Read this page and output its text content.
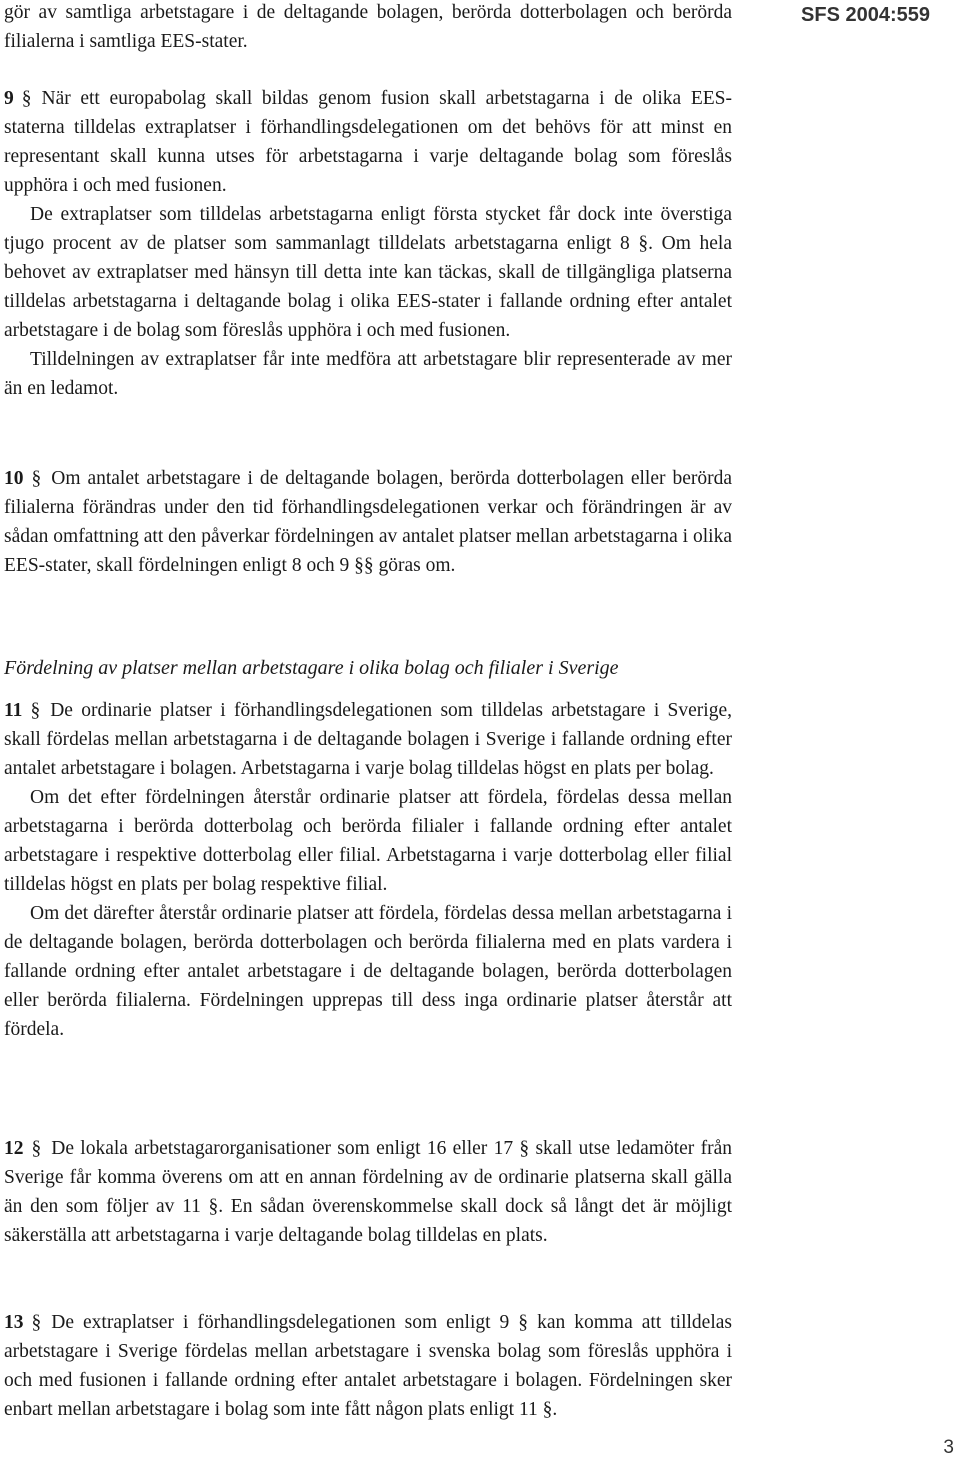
gör av samtliga arbetstagare i de deltagande bolagen, berörda dotterbolagen och berörda filialerna i samtliga EES-stater.

SFS 2004:559

9 § När ett europabolag skall bildas genom fusion skall arbetstagarna i de olika EES-staterna tilldelas extraplatser i förhandlingsdelegationen om det behövs för att minst en representant skall kunna utses för arbetstagarna i varje deltagande bolag som föreslås upphöra i och med fusionen.

De extraplatser som tilldelas arbetstagarna enligt första stycket får dock inte överstiga tjugo procent av de platser som sammanlagt tilldelats arbetstagarna enligt 8 §. Om hela behovet av extraplatser med hänsyn till detta inte kan täckas, skall de tillgängliga platserna tilldelas arbetstagarna i deltagande bolag i olika EES-stater i fallande ordning efter antalet arbetstagare i de bolag som föreslås upphöra i och med fusionen.

Tilldelningen av extraplatser får inte medföra att arbetstagare blir representerade av mer än en ledamot.

10 § Om antalet arbetstagare i de deltagande bolagen, berörda dotterbolagen eller berörda filialerna förändras under den tid förhandlingsdelegationen verkar och förändringen är av sådan omfattning att den påverkar fördelningen av antalet platser mellan arbetstagarna i olika EES-stater, skall fördelningen enligt 8 och 9 §§ göras om.

Fördelning av platser mellan arbetstagare i olika bolag och filialer i Sverige

11 § De ordinarie platser i förhandlingsdelegationen som tilldelas arbetstagare i Sverige, skall fördelas mellan arbetstagarna i de deltagande bolagen i Sverige i fallande ordning efter antalet arbetstagare i bolagen. Arbetstagarna i varje bolag tilldelas högst en plats per bolag.

Om det efter fördelningen återstår ordinarie platser att fördela, fördelas dessa mellan arbetstagarna i berörda dotterbolag och berörda filialer i fallande ordning efter antalet arbetstagare i respektive dotterbolag eller filial. Arbetstagarna i varje dotterbolag eller filial tilldelas högst en plats per bolag respektive filial.

Om det därefter återstår ordinarie platser att fördela, fördelas dessa mellan arbetstagarna i de deltagande bolagen, berörda dotterbolagen och berörda filialerna med en plats vardera i fallande ordning efter antalet arbetstagare i de deltagande bolagen, berörda dotterbolagen eller berörda filialerna. Fördelningen upprepas till dess inga ordinarie platser återstår att fördela.

12 § De lokala arbetstagarorganisationer som enligt 16 eller 17 § skall utse ledamöter från Sverige får komma överens om att en annan fördelning av de ordinarie platserna skall gälla än den som följer av 11 §. En sådan överenskommelse skall dock så långt det är möjligt säkerställa att arbetstagarna i varje deltagande bolag tilldelas en plats.

13 § De extraplatser i förhandlingsdelegationen som enligt 9 § kan komma att tilldelas arbetstagare i Sverige fördelas mellan arbetstagare i svenska bolag som föreslås upphöra i och med fusionen i fallande ordning efter antalet arbetstagare i bolagen. Fördelningen sker enbart mellan arbetstagare i bolag som inte fått någon plats enligt 11 §.

3
